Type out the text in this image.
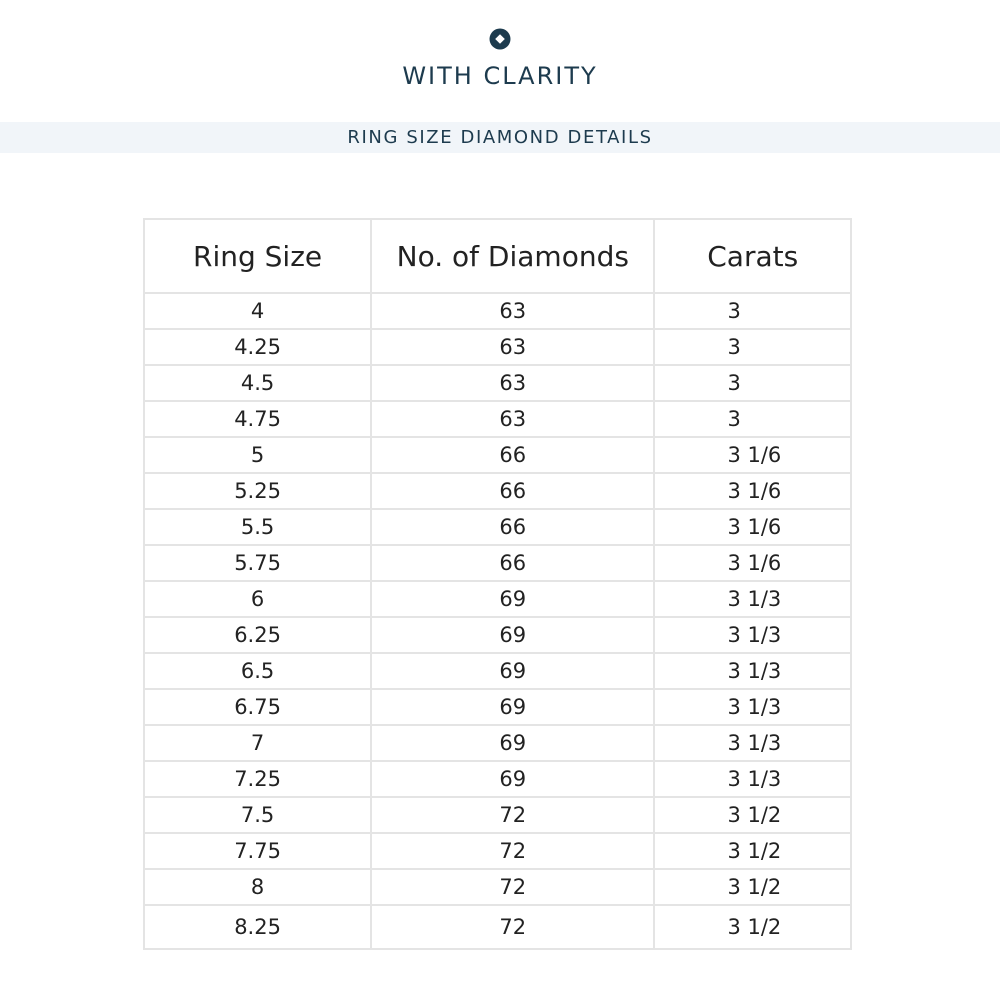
WITH CLARITY
RING SIZE DIAMOND DETAILS
Ring Size	No. of Diamonds	Carats
4	63	3
4.25	63	3
4.5	63	3
4.75	63	3
5	66	3 1/6
5.25	66	3 1/6
5.5	66	3 1/6
5.75	66	3 1/6
6	69	3 1/3
6.25	69	3 1/3
6.5	69	3 1/3
6.75	69	3 1/3
7	69	3 1/3
7.25	69	3 1/3
7.5	72	3 1/2
7.75	72	3 1/2
8	72	3 1/2
8.25	72	3 1/2
